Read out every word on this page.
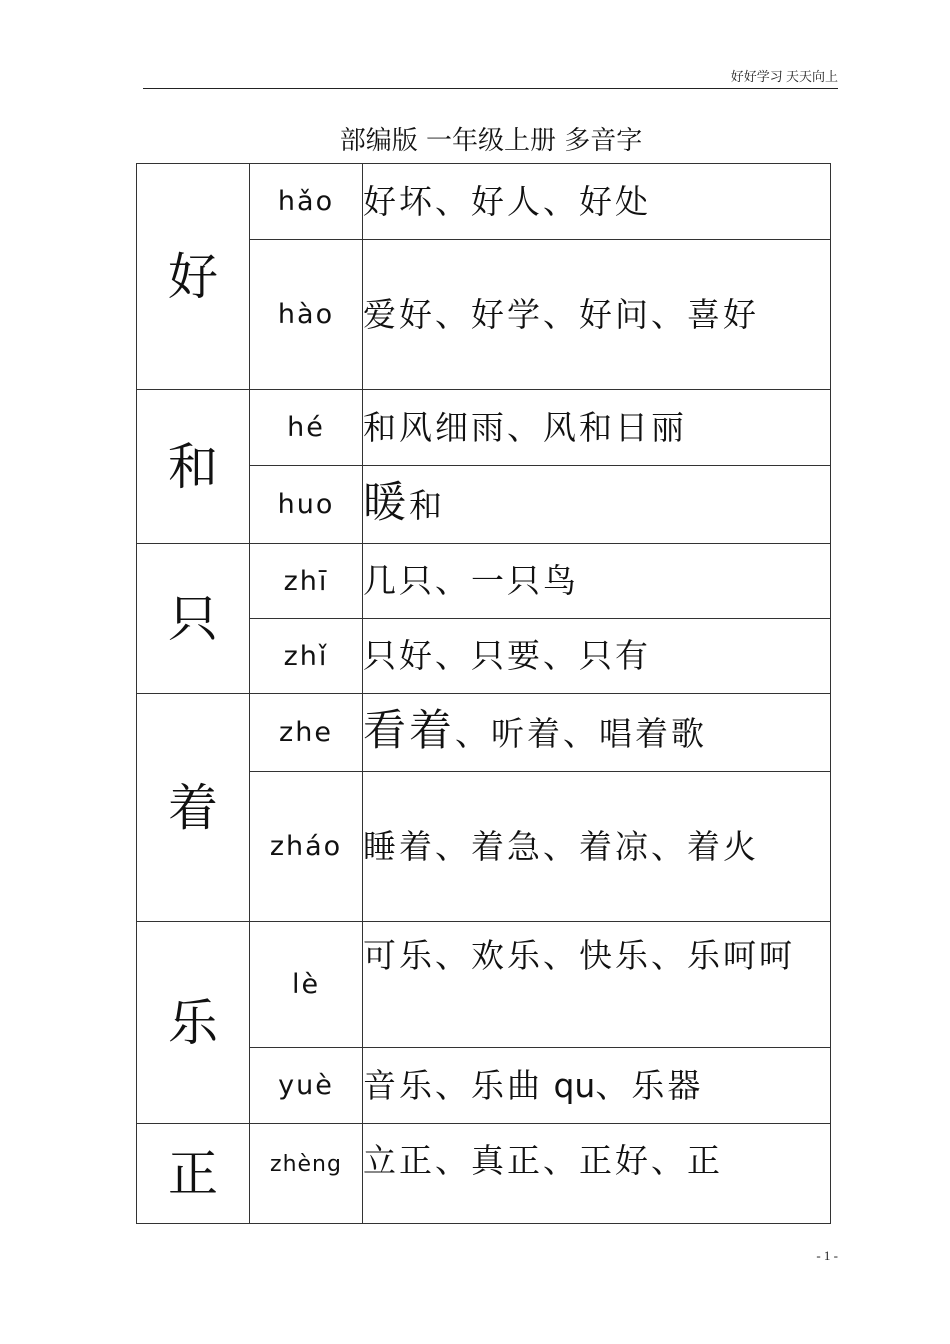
好好学习 天天向上
部编版 一年级上册 多音字
好	hǎo	好坏、好人、好处
	hào	爱好、好学、好问、喜好
和	hé	和风细雨、风和日丽
	huo	暖和
只	zhī	几只、一只鸟
	zhǐ	只好、只要、只有
着	zhe	看着、听着、唱着歌
	zháo	睡着、着急、着凉、着火
乐	lè	可乐、欢乐、快乐、乐呵呵
	yuè	音乐、乐曲 qu、乐器
正	zhèng	立正、真正、正好、正
- 1 -
